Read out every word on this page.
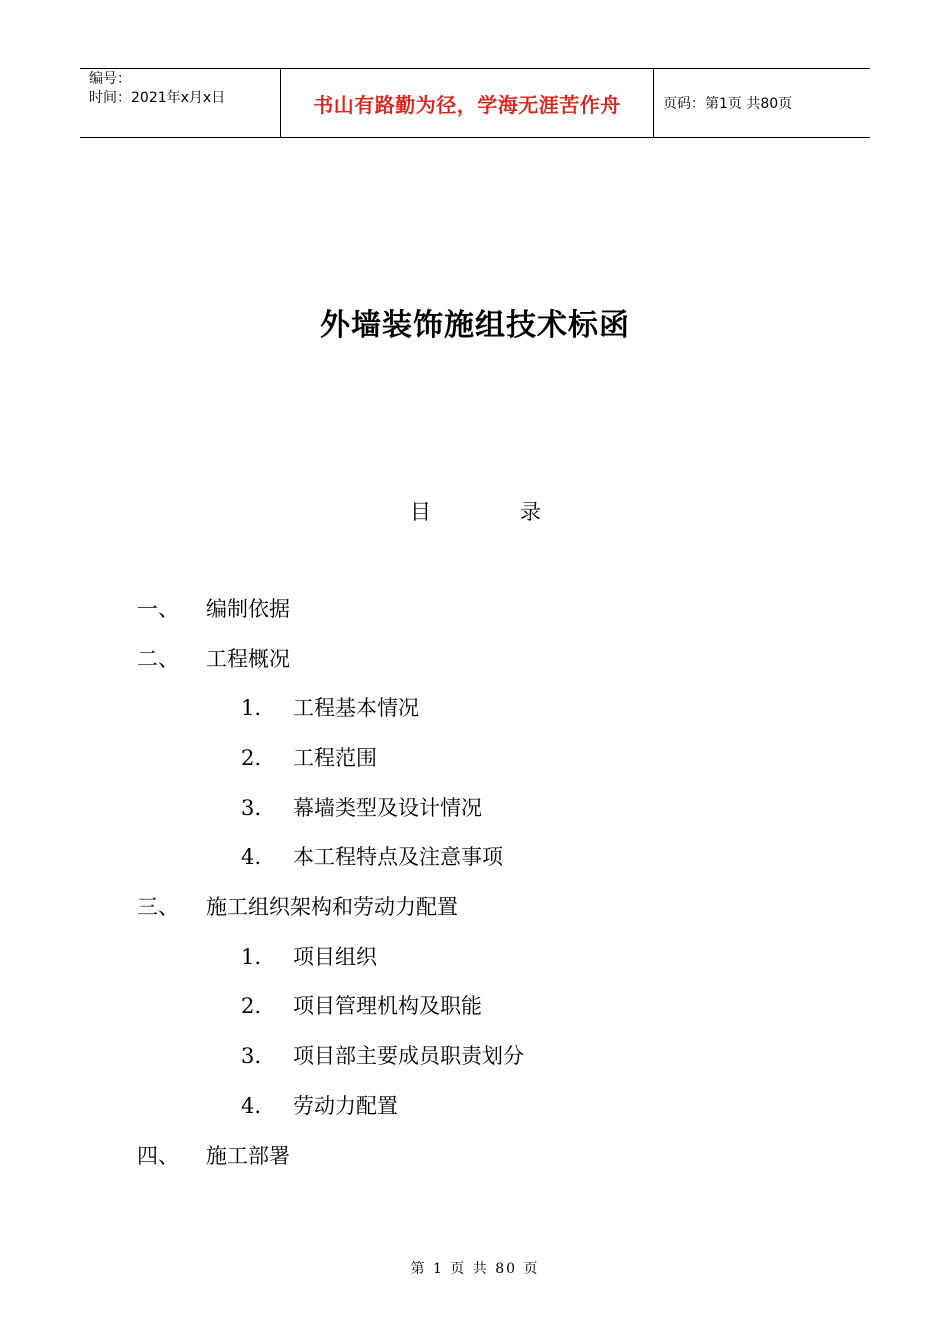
编号：
时间：2021年x月x日	书山有路勤为径，学海无涯苦作舟	页码：第1页 共80页
外墙装饰施组技术标函
目	录
一、 编制依据
二、 工程概况
1. 工程基本情况
2. 工程范围
3. 幕墙类型及设计情况
4. 本工程特点及注意事项
三、 施工组织架构和劳动力配置
1. 项目组织
2. 项目管理机构及职能
3. 项目部主要成员职责划分
4. 劳动力配置
四、 施工部署
第 1 页 共 80 页
